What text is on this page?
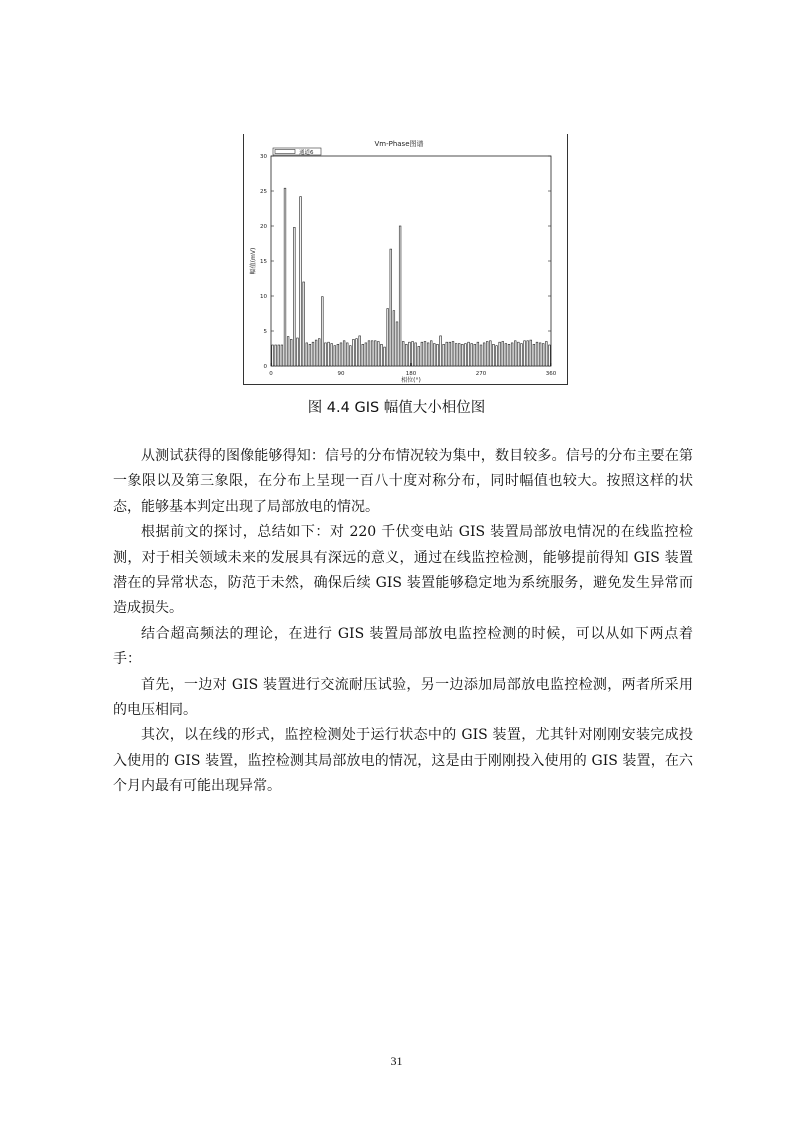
Vm-Phase图谱
通道6
幅值(mV)
相位(°)
0
5
10
15
20
25
30
0	90	180	270	360
图 4.4 GIS 幅值大小相位图

从测试获得的图像能够得知：信号的分布情况较为集中，数目较多。信号的分布主要在第一象限以及第三象限，在分布上呈现一百八十度对称分布，同时幅值也较大。按照这样的状态，能够基本判定出现了局部放电的情况。

根据前文的探讨，总结如下：对 220 千伏变电站 GIS 装置局部放电情况的在线监控检测，对于相关领域未来的发展具有深远的意义，通过在线监控检测，能够提前得知 GIS 装置潜在的异常状态，防范于未然，确保后续 GIS 装置能够稳定地为系统服务，避免发生异常而造成损失。

结合超高频法的理论，在进行 GIS 装置局部放电监控检测的时候，可以从如下两点着手：

首先，一边对 GIS 装置进行交流耐压试验，另一边添加局部放电监控检测，两者所采用的电压相同。

其次，以在线的形式，监控检测处于运行状态中的 GIS 装置，尤其针对刚刚安装完成投入使用的 GIS 装置，监控检测其局部放电的情况，这是由于刚刚投入使用的 GIS 装置，在六个月内最有可能出现异常。

31
